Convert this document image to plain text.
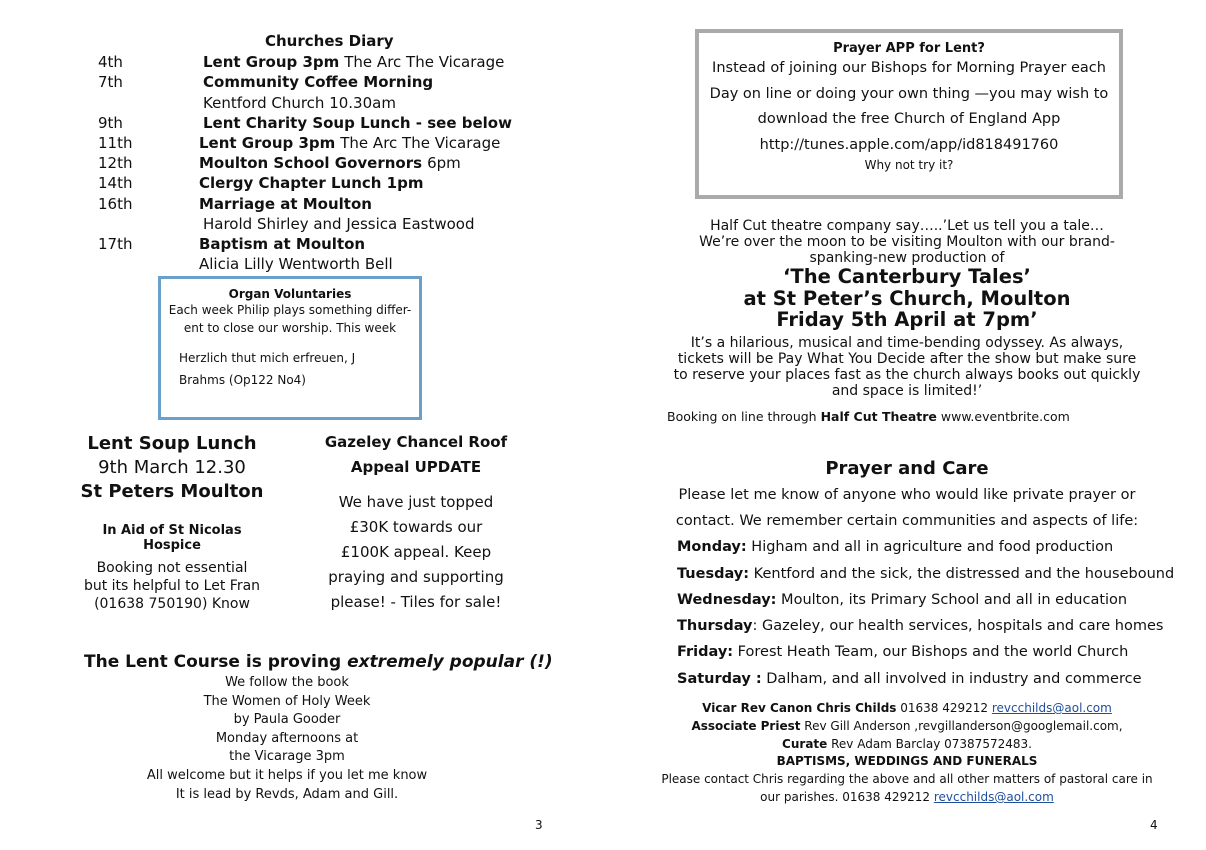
Churches Diary
4th	Lent Group 3pm The Arc The Vicarage
7th	Community Coffee Morning
Kentford Church 10.30am
9th	Lent Charity Soup Lunch - see below
11th	Lent Group 3pm The Arc The Vicarage
12th	Moulton School Governors 6pm
14th	Clergy Chapter Lunch 1pm
16th	Marriage at Moulton
Harold Shirley and Jessica Eastwood
17th	Baptism at Moulton
Alicia Lilly Wentworth Bell
Organ Voluntaries
Each week Philip plays something differ-
ent to close our worship. This week
Herzlich thut mich erfreuen, J
Brahms (Op122 No4)
Lent Soup Lunch
9th March 12.30
St Peters Moulton
In Aid of St Nicolas Hospice
Booking not essential
but its helpful to Let Fran
(01638 750190) Know
Gazeley Chancel Roof
Appeal UPDATE
We have just topped
£30K towards our
£100K appeal. Keep
praying and supporting
please! - Tiles for sale!
The Lent Course is proving extremely popular (!)
We follow the book
The Women of Holy Week
by Paula Gooder
Monday afternoons at
the Vicarage 3pm
All welcome but it helps if you let me know
It is lead by Revds, Adam and Gill.
3
Prayer APP for Lent?
Instead of joining our Bishops for Morning Prayer each
Day on line or doing your own thing —you may wish to
download the free Church of England App
http://tunes.apple.com/app/id818491760
Why not try it?
Half Cut theatre company say…..’Let us tell you a tale…
We’re over the moon to be visiting Moulton with our brand-
spanking-new production of
‘The Canterbury Tales’
at St Peter’s Church, Moulton
Friday 5th April at 7pm’
It’s a hilarious, musical and time-bending odyssey. As always,
tickets will be Pay What You Decide after the show but make sure
to reserve your places fast as the church always books out quickly
and space is limited!’
Booking on line through Half Cut Theatre www.eventbrite.com
Prayer and Care
Please let me know of anyone who would like private prayer or
contact. We remember certain communities and aspects of life:
Monday: Higham and all in agriculture and food production
Tuesday: Kentford and the sick, the distressed and the housebound
Wednesday: Moulton, its Primary School and all in education
Thursday: Gazeley, our health services, hospitals and care homes
Friday: Forest Heath Team, our Bishops and the world Church
Saturday : Dalham, and all involved in industry and commerce
Vicar Rev Canon Chris Childs 01638 429212 revcchilds@aol.com
Associate Priest Rev Gill Anderson ,revgillanderson@googlemail.com,
Curate Rev Adam Barclay 07387572483.
BAPTISMS, WEDDINGS AND FUNERALS
Please contact Chris regarding the above and all other matters of pastoral care in
our parishes. 01638 429212 revcchilds@aol.com
4
